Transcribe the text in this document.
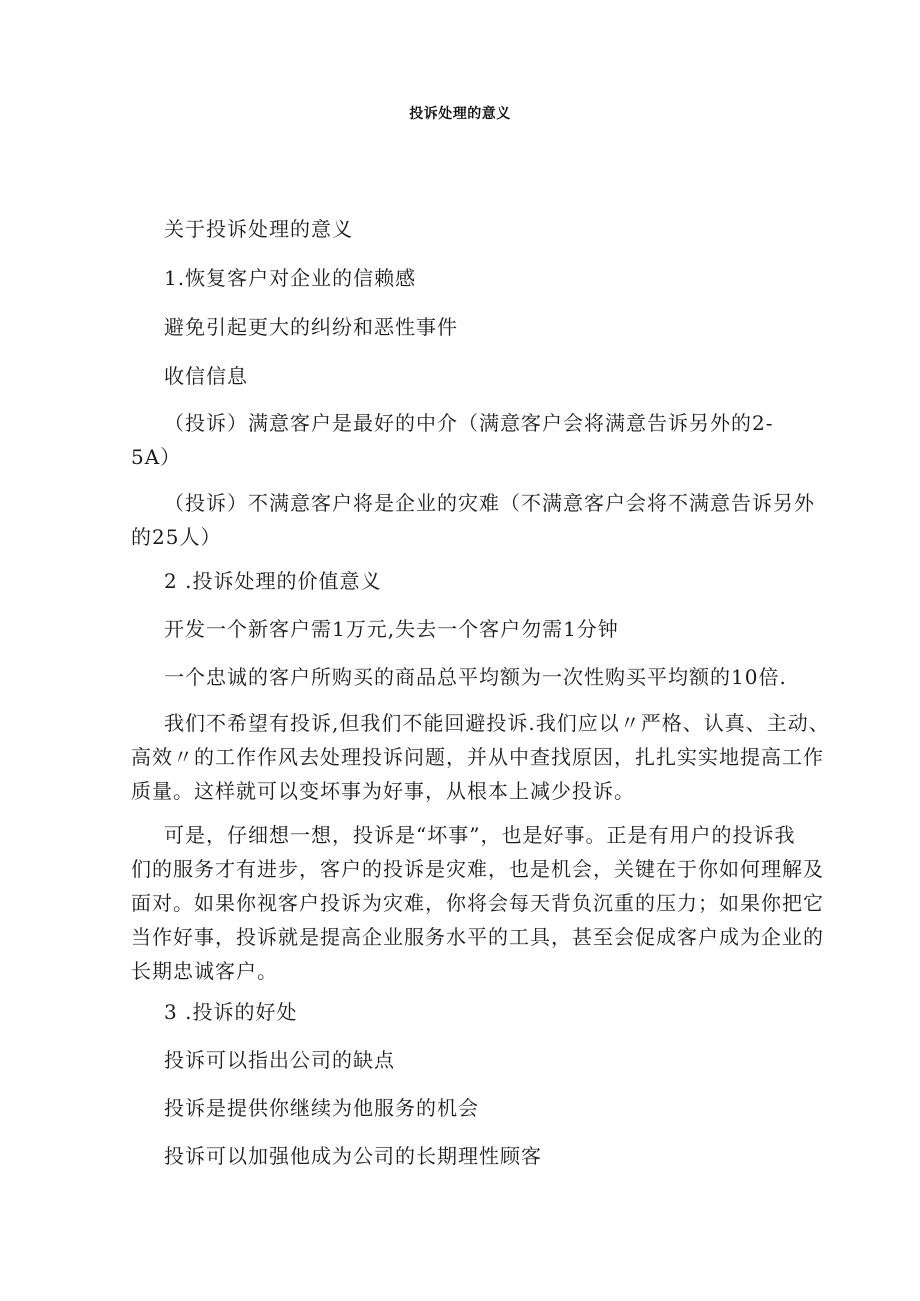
投诉处理的意义

关于投诉处理的意义

1.恢复客户对企业的信赖感

避免引起更大的纠纷和恶性事件

收信信息

（投诉）满意客户是最好的中介（满意客户会将满意告诉另外的2-
5A）
（投诉）不满意客户将是企业的灾难（不满意客户会将不满意告诉另外
的25人）

2 .投诉处理的价值意义

开发一个新客户需1万元,失去一个客户勿需1分钟

一个忠诚的客户所购买的商品总平均额为一次性购买平均额的10倍.

我们不希望有投诉,但我们不能回避投诉.我们应以〃严格、认真、主动、
高效〃的工作作风去处理投诉问题，并从中查找原因，扎扎实实地提高工作
质量。这样就可以变坏事为好事，从根本上减少投诉。
可是，仔细想一想，投诉是“坏事”，也是好事。正是有用户的投诉我
们的服务才有进步，客户的投诉是灾难，也是机会，关键在于你如何理解及
面对。如果你视客户投诉为灾难，你将会每天背负沉重的压力；如果你把它
当作好事，投诉就是提高企业服务水平的工具，甚至会促成客户成为企业的
长期忠诚客户。

3 .投诉的好处

投诉可以指出公司的缺点

投诉是提供你继续为他服务的机会

投诉可以加强他成为公司的长期理性顾客
